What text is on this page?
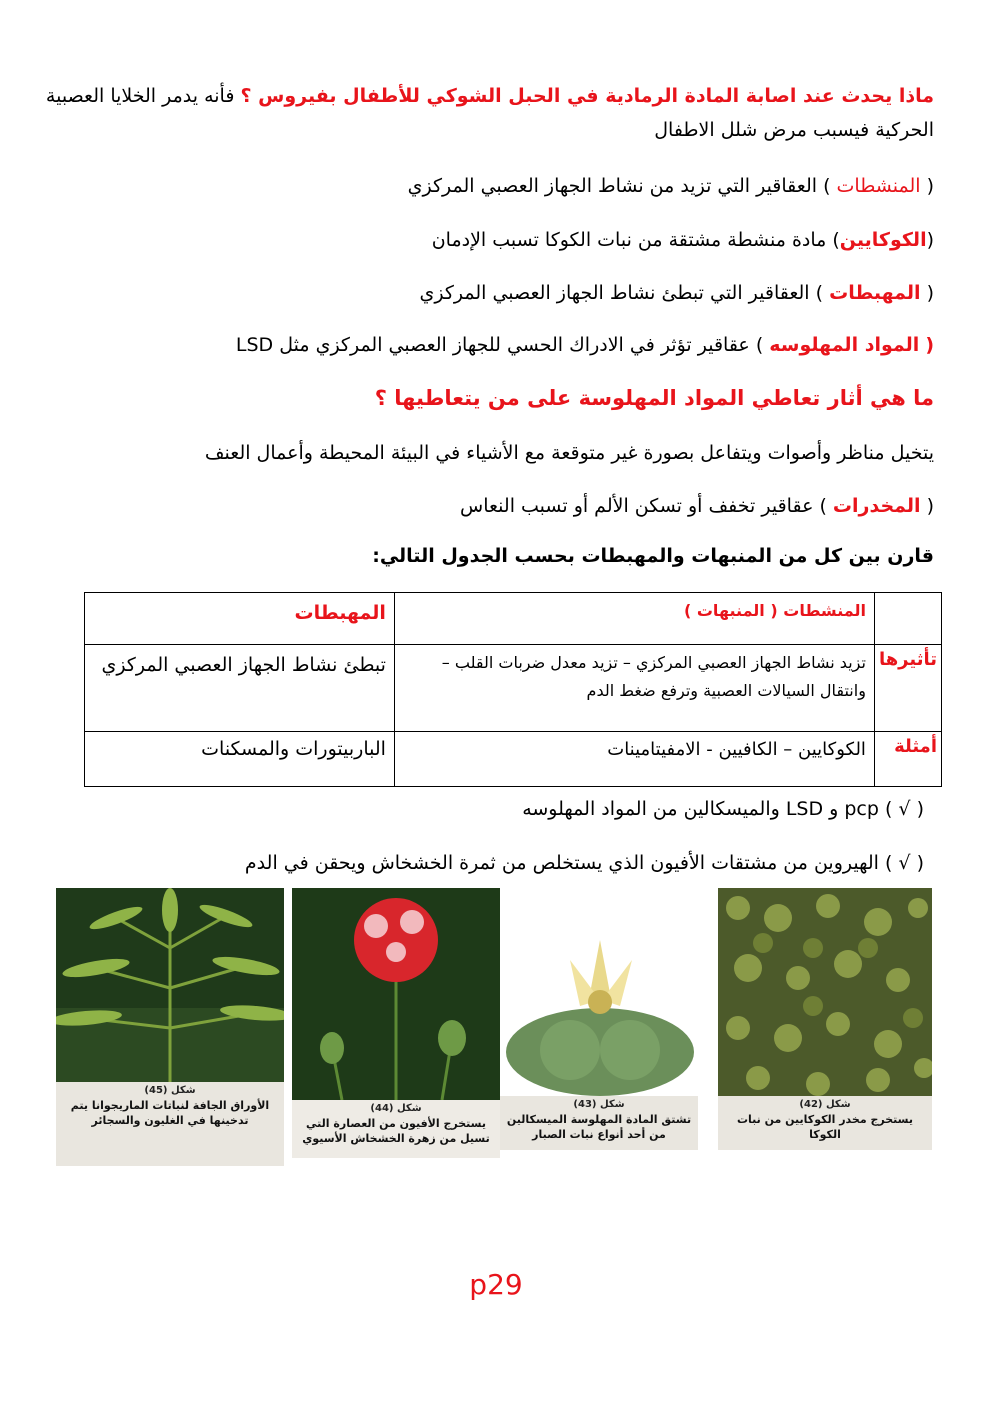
ماذا يحدث عند اصابة المادة الرمادية في الحبل الشوكي للأطفال بفيروس ؟ فأنه يدمر الخلايا العصبية
الحركية فيسبب مرض شلل الاطفال
( المنشطات ) العقاقير التي تزيد من نشاط الجهاز العصبي المركزي
(الكوكايين) مادة منشطة مشتقة من نبات الكوكا تسبب الإدمان
( المهبطات ) العقاقير التي تبطئ نشاط الجهاز العصبي المركزي
( المواد المهلوسه ) عقاقير تؤثر في الادراك الحسي للجهاز العصبي المركزي مثل LSD
ما هي أثار تعاطي المواد المهلوسة على من يتعاطيها ؟
يتخيل مناظر وأصوات ويتفاعل بصورة غير متوقعة مع الأشياء في البيئة المحيطة وأعمال العنف
( المخدرات ) عقاقير تخفف أو تسكن الألم أو تسبب النعاس
قارن بين كل من المنبهات والمهبطات بحسب الجدول التالي:
	المنشطات ( المنبهات )	المهبطات
تأثيرها	تزيد نشاط الجهاز العصبي المركزي – تزيد معدل ضربات القلب – وانتقال السيالات العصبية وترفع ضغط الدم	تبطئ نشاط الجهاز العصبي المركزي
أمثلة	الكوكايين – الكافيين - الامفيتامينات	الباربيتورات والمسكنات
( √ ) pcp و LSD والميسكالين من المواد المهلوسه
( √ ) الهيروين من مشتقات الأفيون الذي يستخلص من ثمرة الخشخاش ويحقن في الدم
شكل (45)
الأوراق الجافة لنباتات الماريجوانا يتم تدخينها في الغليون والسجائر
شكل (44)
يستخرج الأفيون من العصارة التي تسيل من زهرة الخشخاش الأسيوي
شكل (43)
تشتق المادة المهلوسة الميسكالين من أحد أنواع نبات الصبار
شكل (42)
يستخرج مخدر الكوكايين من نبات الكوكا
p29
